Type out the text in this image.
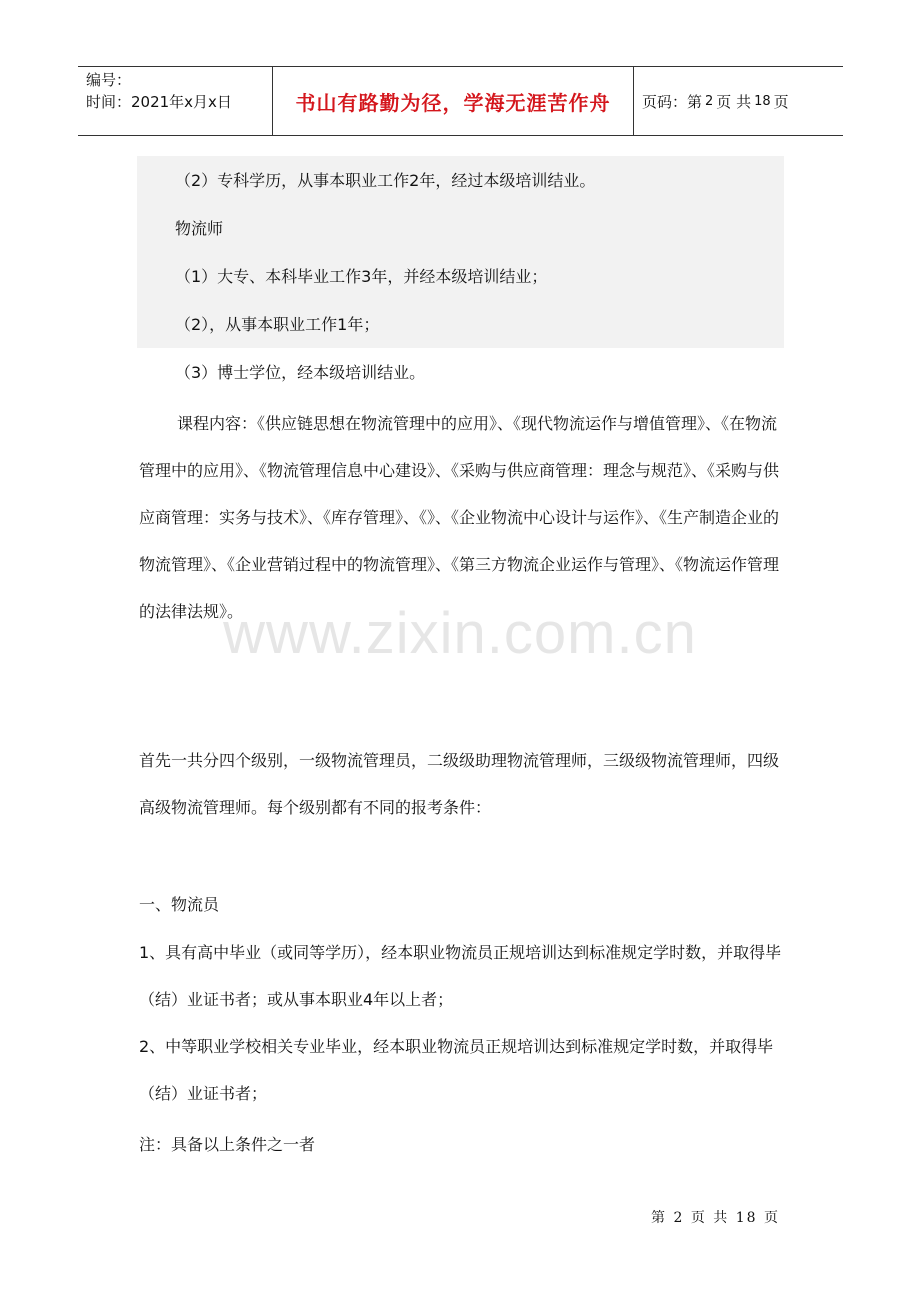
编号：
时间：2021年x月x日	书山有路勤为径，学海无涯苦作舟	页码：第 2 页 共 18 页
（2）专科学历，从事本职业工作2年，经过本级培训结业。
物流师
（1）大专、本科毕业工作3年，并经本级培训结业；
（2），从事本职业工作1年；
（3）博士学位，经本级培训结业。
课程内容：《供应链思想在物流管理中的应用》、《现代物流运作与增值管理》、《在物流管理中的应用》、《物流管理信息中心建设》、《采购与供应商管理：理念与规范》、《采购与供应商管理：实务与技术》、《库存管理》、《》、《企业物流中心设计与运作》、《生产制造企业的物流管理》、《企业营销过程中的物流管理》、《第三方物流企业运作与管理》、《物流运作管理的法律法规》。
www.zixin.com.cn
首先一共分四个级别，一级物流管理员，二级级助理物流管理师，三级级物流管理师，四级高级物流管理师。每个级别都有不同的报考条件：
一、物流员
1、具有高中毕业（或同等学历），经本职业物流员正规培训达到标准规定学时数，并取得毕（结）业证书者；或从事本职业4年以上者；
2、中等职业学校相关专业毕业，经本职业物流员正规培训达到标准规定学时数，并取得毕（结）业证书者；
注：具备以上条件之一者
第 2 页 共 18 页
